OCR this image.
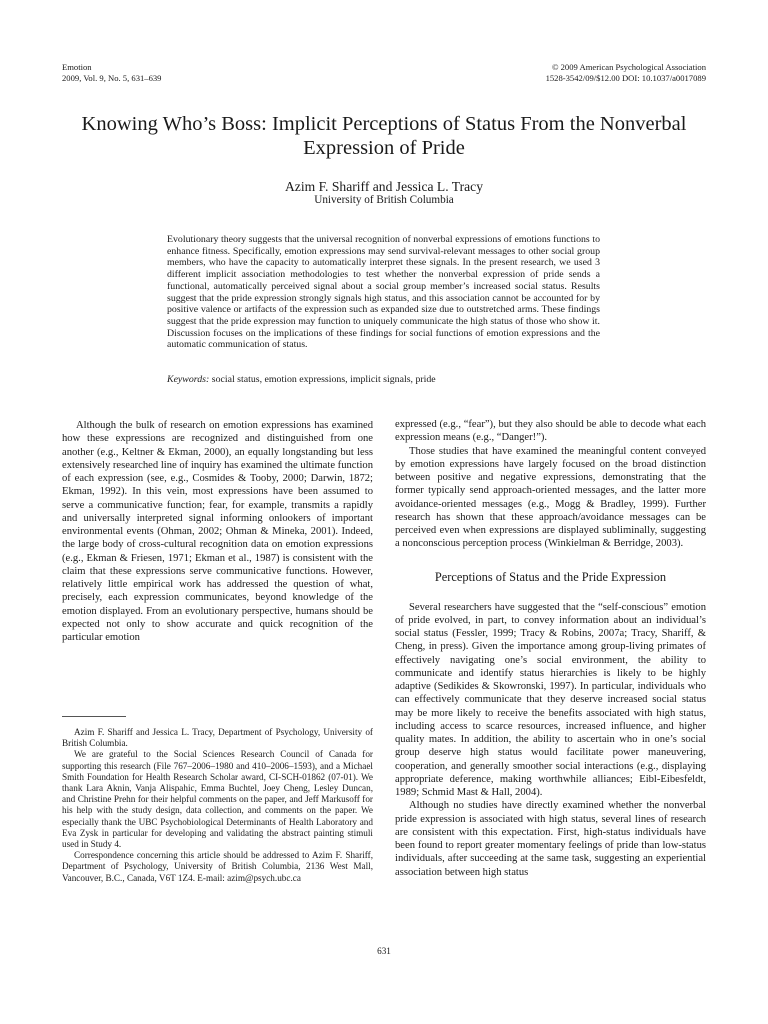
Emotion
2009, Vol. 9, No. 5, 631–639
© 2009 American Psychological Association
1528-3542/09/$12.00 DOI: 10.1037/a0017089
Knowing Who’s Boss: Implicit Perceptions of Status From the Nonverbal
Expression of Pride
Azim F. Shariff and Jessica L. Tracy
University of British Columbia
Evolutionary theory suggests that the universal recognition of nonverbal expressions of emotions functions to enhance fitness. Specifically, emotion expressions may send survival-relevant messages to other social group members, who have the capacity to automatically interpret these signals. In the present research, we used 3 different implicit association methodologies to test whether the nonverbal expression of pride sends a functional, automatically perceived signal about a social group member’s increased social status. Results suggest that the pride expression strongly signals high status, and this association cannot be accounted for by positive valence or artifacts of the expression such as expanded size due to outstretched arms. These findings suggest that the pride expression may function to uniquely communicate the high status of those who show it. Discussion focuses on the implications of these findings for social functions of emotion expressions and the automatic communication of status.
Keywords: social status, emotion expressions, implicit signals, pride

Although the bulk of research on emotion expressions has examined how these expressions are recognized and distinguished from one another (e.g., Keltner & Ekman, 2000), an equally longstanding but less extensively researched line of inquiry has examined the ultimate function of each expression (see, e.g., Cosmides & Tooby, 2000; Darwin, 1872; Ekman, 1992). In this vein, most expressions have been assumed to serve a communicative function; fear, for example, transmits a rapidly and universally interpreted signal informing onlookers of important environmental events (Ohman, 2002; Ohman & Mineka, 2001). Indeed, the large body of cross-cultural recognition data on emotion expressions (e.g., Ekman & Friesen, 1971; Ekman et al., 1987) is consistent with the claim that these expressions serve communicative functions. However, relatively little empirical work has addressed the question of what, precisely, each expression communicates, beyond knowledge of the emotion displayed. From an evolutionary perspective, humans should be expected not only to show accurate and quick recognition of the particular emotion

Azim F. Shariff and Jessica L. Tracy, Department of Psychology, University of British Columbia.

We are grateful to the Social Sciences Research Council of Canada for supporting this research (File 767–2006–1980 and 410–2006–1593), and a Michael Smith Foundation for Health Research Scholar award, CI-SCH-01862 (07-01). We thank Lara Aknin, Vanja Alispahic, Emma Buchtel, Joey Cheng, Lesley Duncan, and Christine Prehn for their helpful comments on the paper, and Jeff Markusoff for his help with the study design, data collection, and comments on the paper. We especially thank the UBC Psychobiological Determinants of Health Laboratory and Eva Zysk in particular for developing and validating the abstract painting stimuli used in Study 4.

Correspondence concerning this article should be addressed to Azim F. Shariff, Department of Psychology, University of British Columbia, 2136 West Mall, Vancouver, B.C., Canada, V6T 1Z4. E-mail: azim@psych.ubc.ca

expressed (e.g., “fear”), but they also should be able to decode what each expression means (e.g., “Danger!”).

Those studies that have examined the meaningful content conveyed by emotion expressions have largely focused on the broad distinction between positive and negative expressions, demonstrating that the former typically send approach-oriented messages, and the latter more avoidance-oriented messages (e.g., Mogg & Bradley, 1999). Further research has shown that these approach/avoidance messages can be perceived even when expressions are displayed subliminally, suggesting a nonconscious perception process (Winkielman & Berridge, 2003).

Perceptions of Status and the Pride Expression

Several researchers have suggested that the “self-conscious” emotion of pride evolved, in part, to convey information about an individual’s social status (Fessler, 1999; Tracy & Robins, 2007a; Tracy, Shariff, & Cheng, in press). Given the importance among group-living primates of effectively navigating one’s social environment, the ability to communicate and identify status hierarchies is likely to be highly adaptive (Sedikides & Skowronski, 1997). In particular, individuals who can effectively communicate that they deserve increased social status may be more likely to receive the benefits associated with high status, including access to scarce resources, increased influence, and higher quality mates. In addition, the ability to ascertain who in one’s social group deserve high status would facilitate power maneuvering, cooperation, and generally smoother social interactions (e.g., displaying appropriate deference, making worthwhile alliances; Eibl-Eibesfeldt, 1989; Schmid Mast & Hall, 2004).

Although no studies have directly examined whether the nonverbal pride expression is associated with high status, several lines of research are consistent with this expectation. First, high-status individuals have been found to report greater momentary feelings of pride than low-status individuals, after succeeding at the same task, suggesting an experiential association between high status

631
